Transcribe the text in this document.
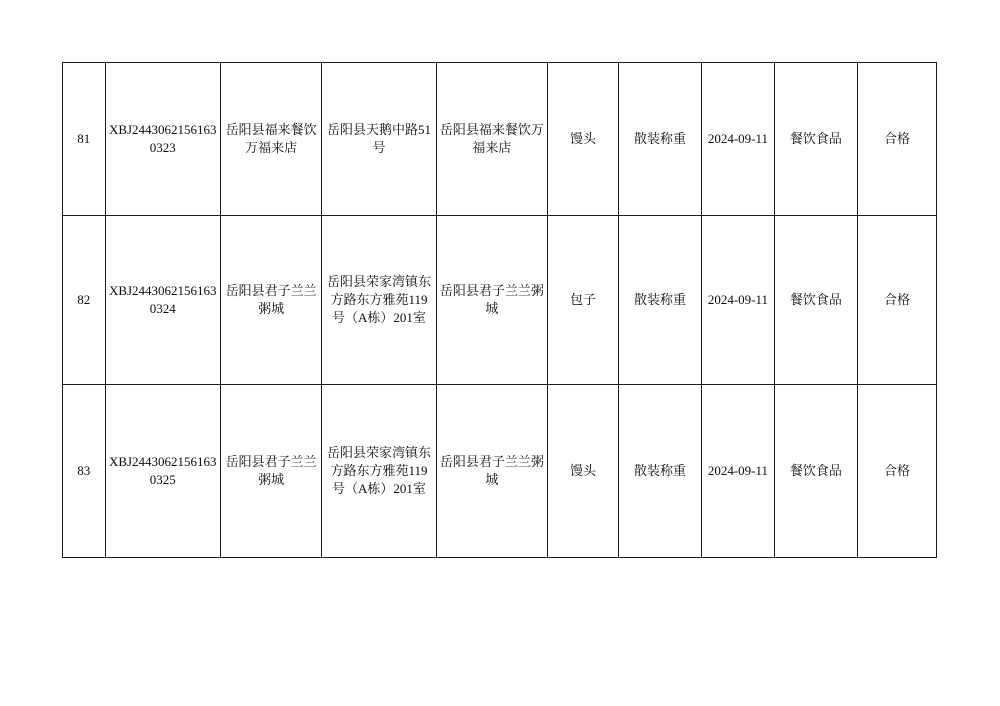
81	XBJ24430621561630323	岳阳县福来餐饮万福来店	岳阳县天鹅中路51号	岳阳县福来餐饮万福来店	馒头	散装称重	2024-09-11	餐饮食品	合格
82	XBJ24430621561630324	岳阳县君子兰兰粥城	岳阳县荣家湾镇东方路东方雅苑119号（A栋）201室	岳阳县君子兰兰粥城	包子	散装称重	2024-09-11	餐饮食品	合格
83	XBJ24430621561630325	岳阳县君子兰兰粥城	岳阳县荣家湾镇东方路东方雅苑119号（A栋）201室	岳阳县君子兰兰粥城	馒头	散装称重	2024-09-11	餐饮食品	合格
